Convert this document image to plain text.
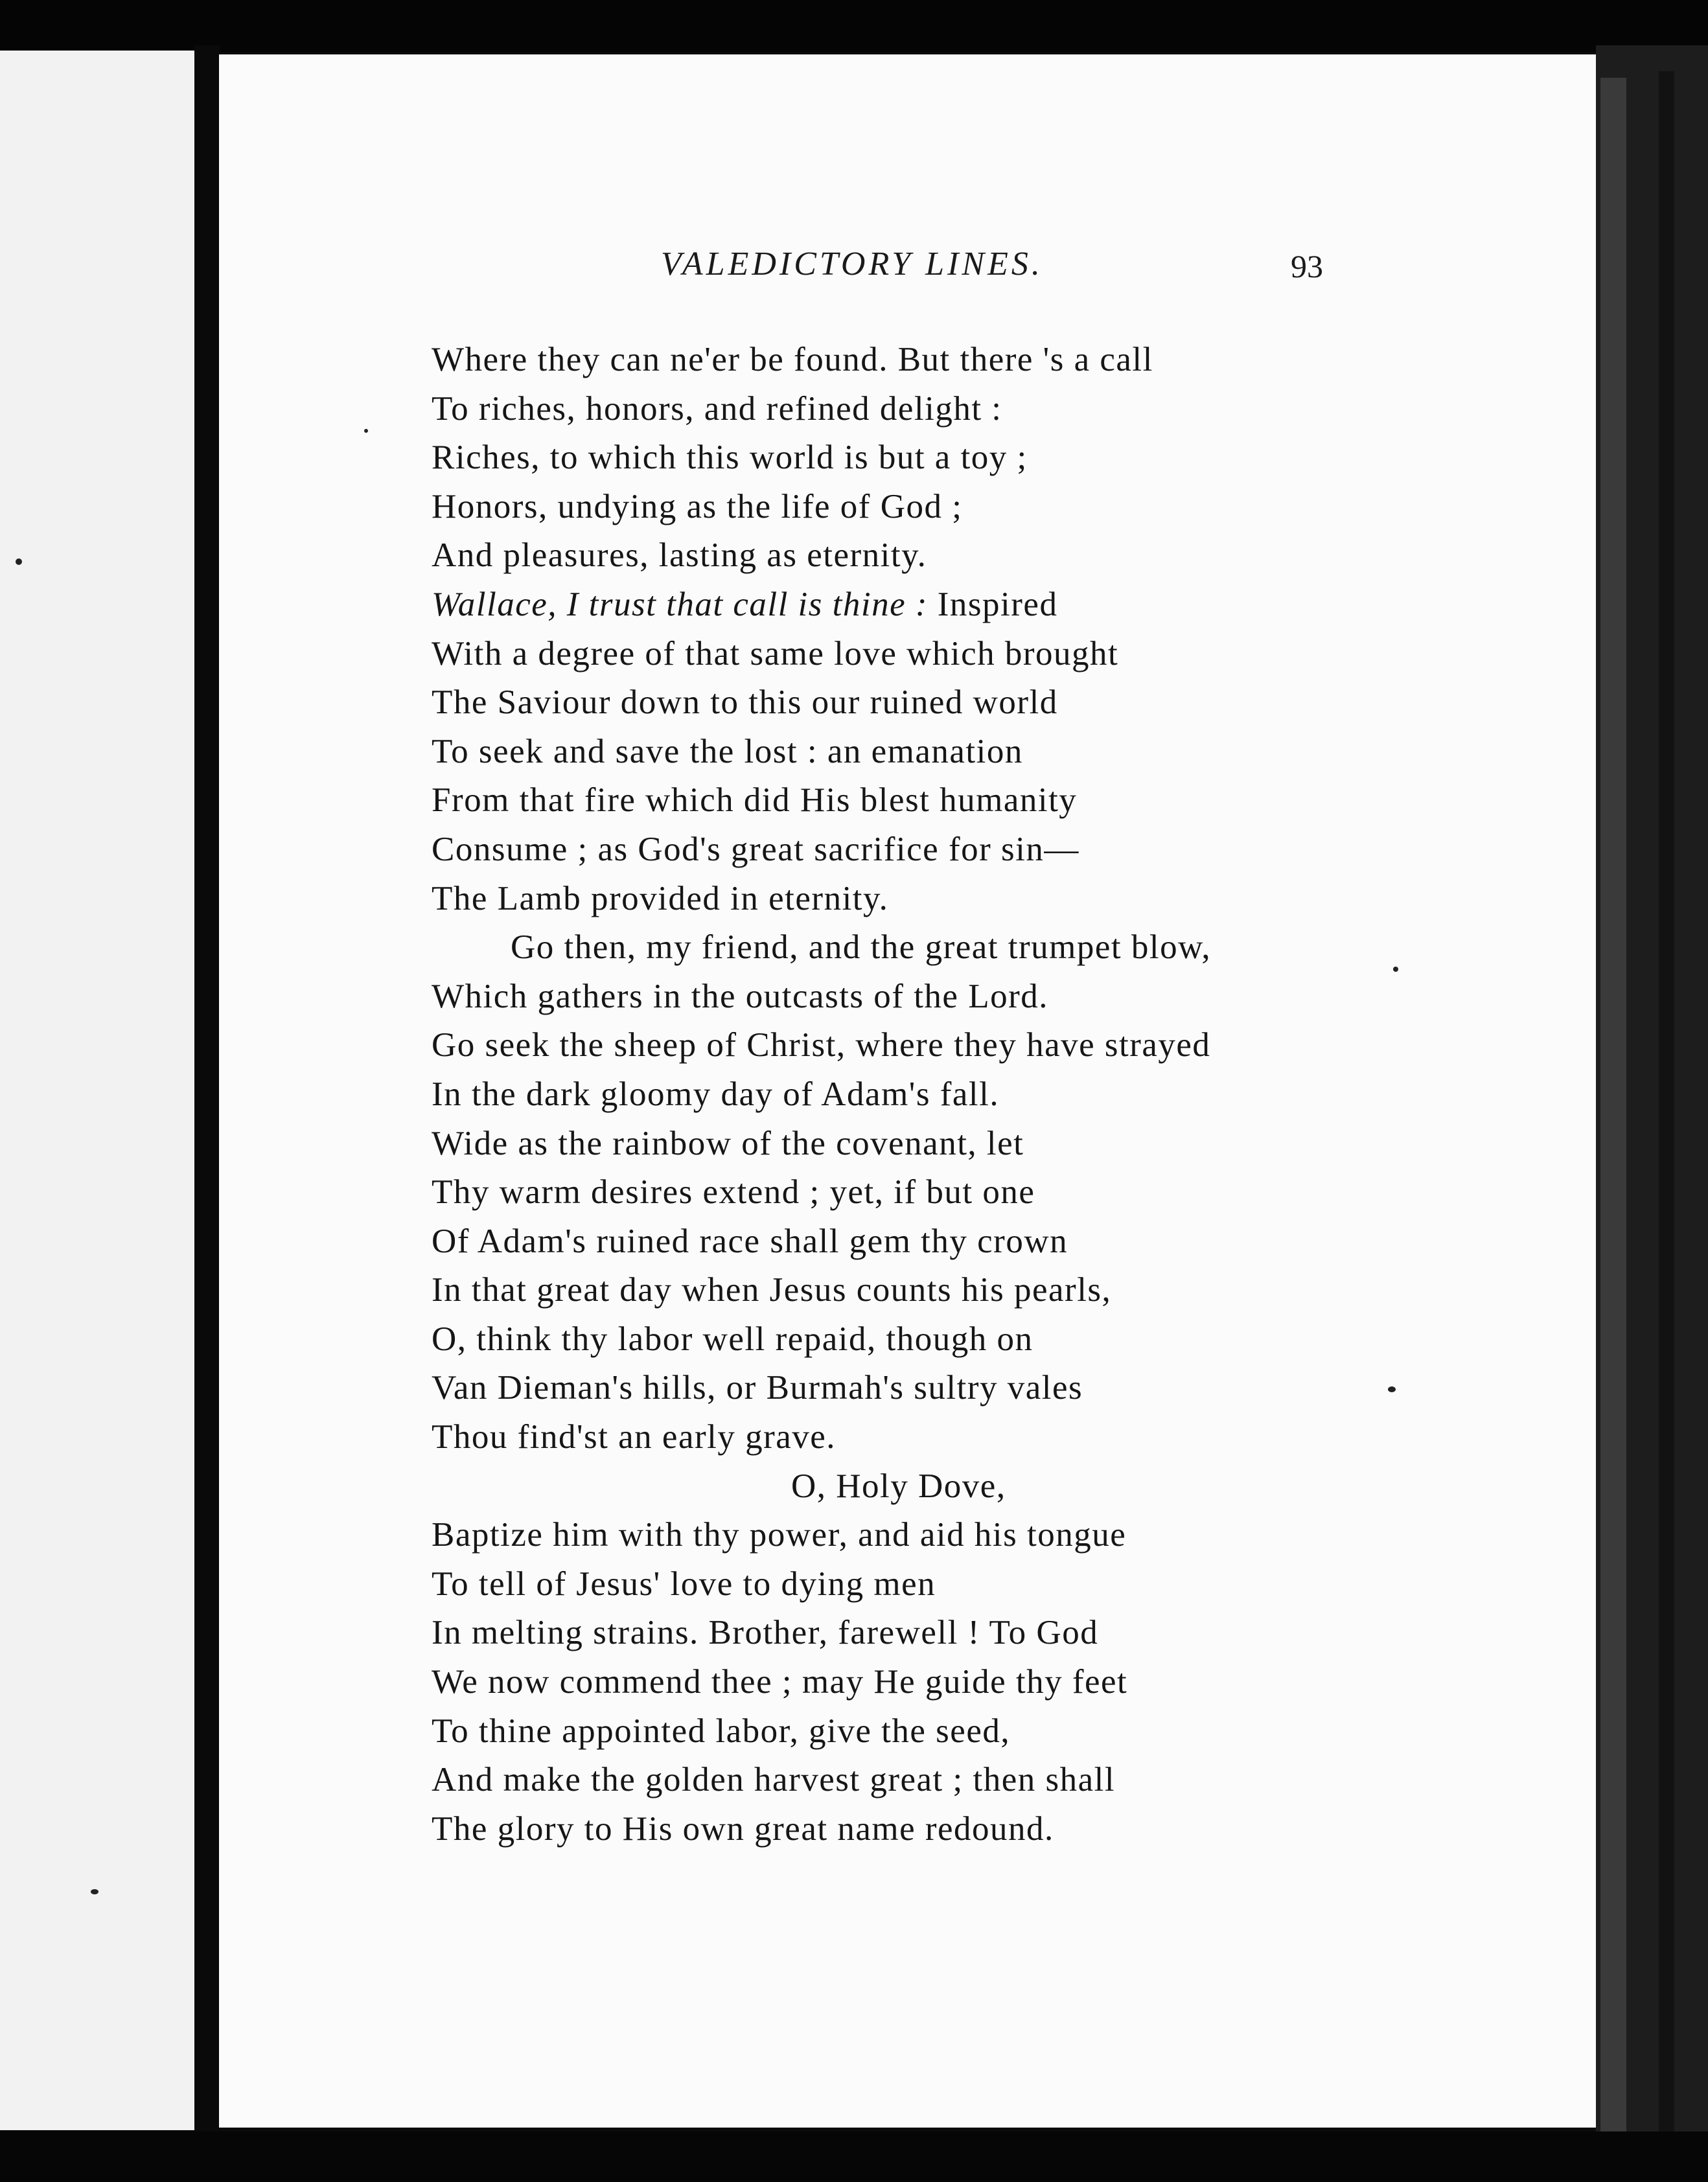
VALEDICTORY LINES.	93
Where they can ne'er be found. But there 's a call
To riches, honors, and refined delight :
Riches, to which this world is but a toy ;
Honors, undying as the life of God ;
And pleasures, lasting as eternity.
Wallace, I trust that call is thine : Inspired
With a degree of that same love which brought
The Saviour down to this our ruined world
To seek and save the lost : an emanation
From that fire which did His blest humanity
Consume ; as God's great sacrifice for sin—
The Lamb provided in eternity.
Go then, my friend, and the great trumpet blow,
Which gathers in the outcasts of the Lord.
Go seek the sheep of Christ, where they have strayed
In the dark gloomy day of Adam's fall.
Wide as the rainbow of the covenant, let
Thy warm desires extend ; yet, if but one
Of Adam's ruined race shall gem thy crown
In that great day when Jesus counts his pearls,
O, think thy labor well repaid, though on
Van Dieman's hills, or Burmah's sultry vales
Thou find'st an early grave.
O, Holy Dove,
Baptize him with thy power, and aid his tongue
To tell of Jesus' love to dying men
In melting strains. Brother, farewell ! To God
We now commend thee ; may He guide thy feet
To thine appointed labor, give the seed,
And make the golden harvest great ; then shall
The glory to His own great name redound.
